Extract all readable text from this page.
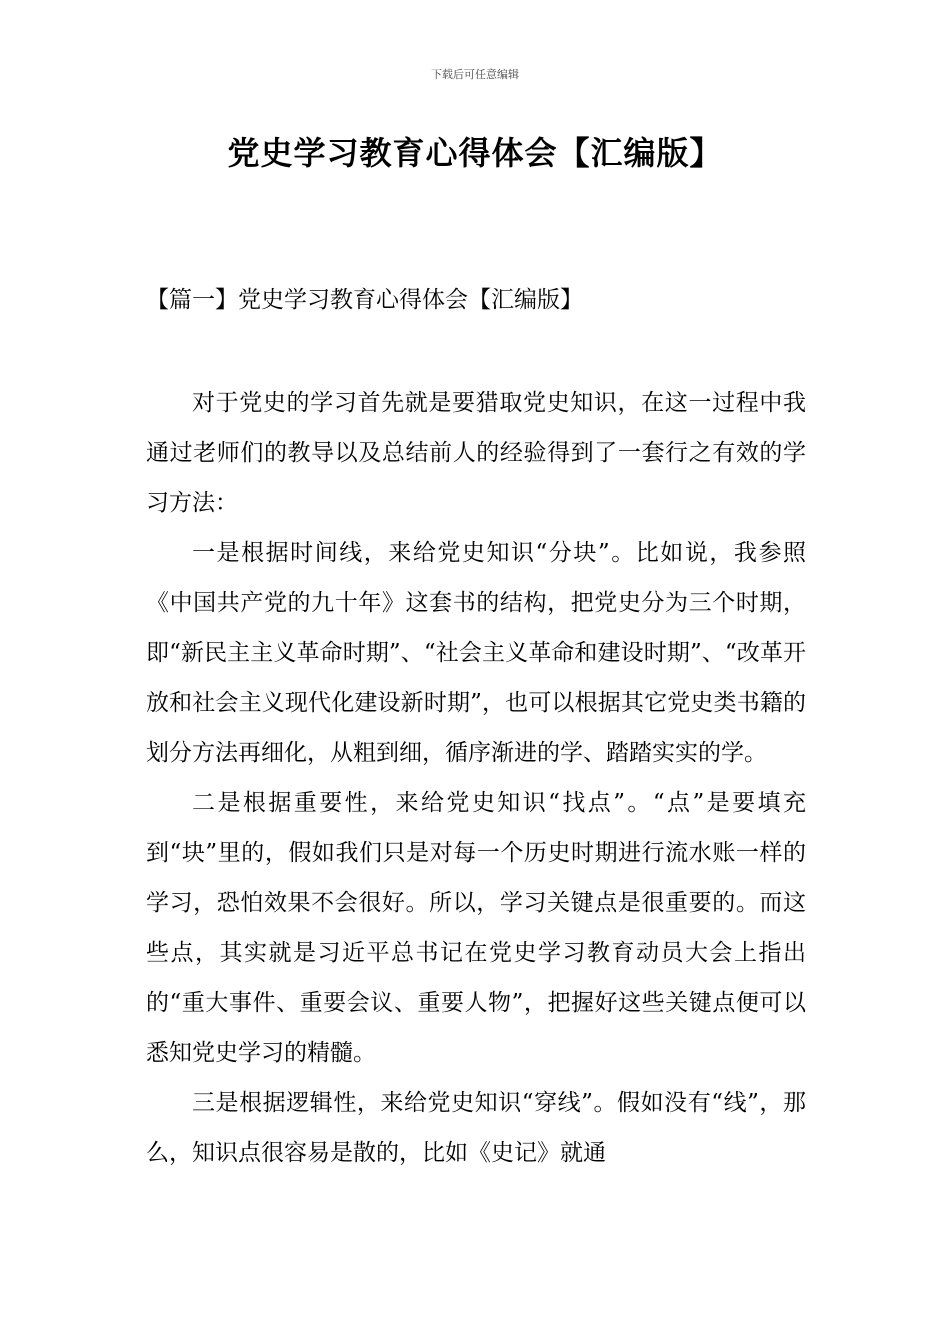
下载后可任意编辑
党史学习教育心得体会【汇编版】
【篇一】党史学习教育心得体会【汇编版】

对于党史的学习首先就是要猎取党史知识，在这一过程中我通过老师们的教导以及总结前人的经验得到了一套行之有效的学习方法：

一是根据时间线，来给党史知识“分块”。比如说，我参照《中国共产党的九十年》这套书的结构，把党史分为三个时期，即“新民主主义革命时期”、“社会主义革命和建设时期”、“改革开放和社会主义现代化建设新时期”，也可以根据其它党史类书籍的划分方法再细化，从粗到细，循序渐进的学、踏踏实实的学。

二是根据重要性，来给党史知识“找点”。“点”是要填充到“块”里的，假如我们只是对每一个历史时期进行流水账一样的学习，恐怕效果不会很好。所以，学习关键点是很重要的。而这些点，其实就是习近平总书记在党史学习教育动员大会上指出的“重大事件、重要会议、重要人物”，把握好这些关键点便可以悉知党史学习的精髓。

三是根据逻辑性，来给党史知识“穿线”。假如没有“线”，那么，知识点很容易是散的，比如《史记》就通
